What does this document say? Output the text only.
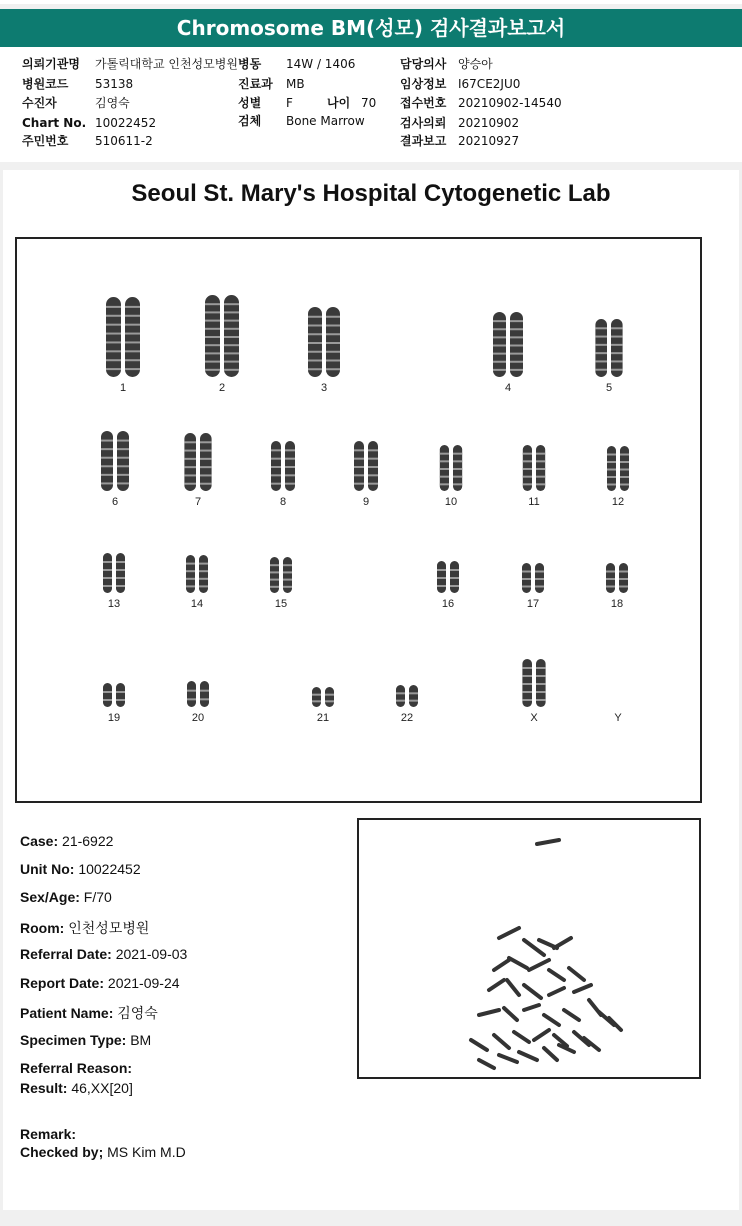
Chromosome BM(성모) 검사결과보고서
의뢰기관명 가톨릭대학교 인천성모병원
병원코드 53138
수진자	김영숙
Chart No. 10022452
주민번호 510611-2
병동 14W / 1406
진료과 MB
성별 F	나이 70
검체 Bone Marrow
담당의사 양승아
임상정보 I67CE2JU0
접수번호 20210902-14540
검사의뢰 20210902
결과보고 20210927
Seoul St. Mary's Hospital Cytogenetic Lab
1	2	3	4	5
6	7	8	9	10	11	12
13	14	15	16	17	18
19	20	21	22	X	Y
Case: 21-6922
Unit No: 10022452
Sex/Age: F/70
Room: 인천성모병원
Referral Date: 2021-09-03
Report Date: 2021-09-24
Patient Name: 김영숙
Specimen Type: BM
Referral Reason:
Result: 46,XX[20]
Remark:
Checked by; MS Kim M.D
